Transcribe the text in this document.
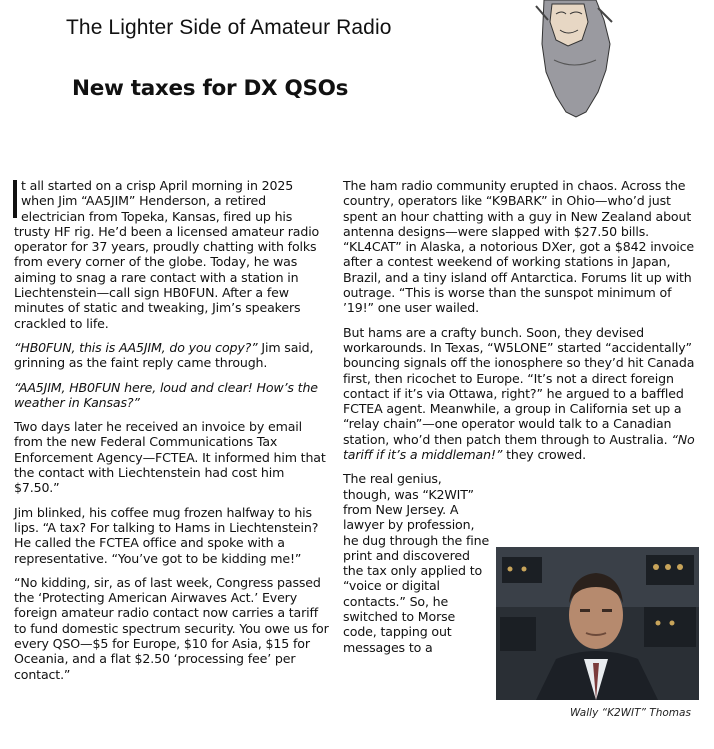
The Lighter Side of Amateur Radio
New taxes for DX QSOs

t all started on a crisp April morning in 2025 when Jim “AA5JIM” Henderson, a retired electrician from Topeka, Kansas, fired up his trusty HF rig. He’d been a licensed amateur radio operator for 37 years, proudly chatting with folks from every corner of the globe. Today, he was aiming to snag a rare contact with a station in Liechtenstein—call sign HB0FUN. After a few minutes of static and tweaking, Jim’s speakers crackled to life.

“HB0FUN, this is AA5JIM, do you copy?” Jim said, grinning as the faint reply came through.

“AA5JIM, HB0FUN here, loud and clear! How’s the weather in Kansas?”

Two days later he received an invoice by email from the new Federal Communications Tax Enforcement Agency—FCTEA. It informed him that the contact with Liechtenstein had cost him $7.50.”

Jim blinked, his coffee mug frozen halfway to his lips. “A tax? For talking to Hams in Liechtenstein? He called the FCTEA office and spoke with a representative. “You’ve got to be kidding me!”

“No kidding, sir, as of last week, Congress passed the ‘Protecting American Airwaves Act.’ Every foreign amateur radio contact now carries a tariff to fund domestic spectrum security. You owe us for every QSO—$5 for Europe, $10 for Asia, $15 for Oceania, and a flat $2.50 ‘processing fee’ per contact.”

The ham radio community erupted in chaos. Across the country, operators like “K9BARK” in Ohio—who’d just spent an hour chatting with a guy in New Zealand about antenna designs—were slapped with $27.50 bills. “KL4CAT” in Alaska, a notorious DXer, got a $842 invoice after a contest weekend of working stations in Japan, Brazil, and a tiny island off Antarctica. Forums lit up with outrage. “This is worse than the sunspot minimum of ’19!” one user wailed.

But hams are a crafty bunch. Soon, they devised workarounds. In Texas, “W5LONE” started “accidentally” bouncing signals off the ionosphere so they’d hit Canada first, then ricochet to Europe. “It’s not a direct foreign contact if it’s via Ottawa, right?” he argued to a baffled FCTEA agent. Meanwhile, a group in California set up a “relay chain”—one operator would talk to a Canadian station, who’d then patch them through to Australia. “No tariff if it’s a middleman!” they crowed.

The real genius, though, was “K2WIT” from New Jersey. A lawyer by profession, he dug through the fine print and discovered the tax only applied to “voice or digital contacts.” So, he switched to Morse code, tapping out messages to a

Wally “K2WIT” Thomas
